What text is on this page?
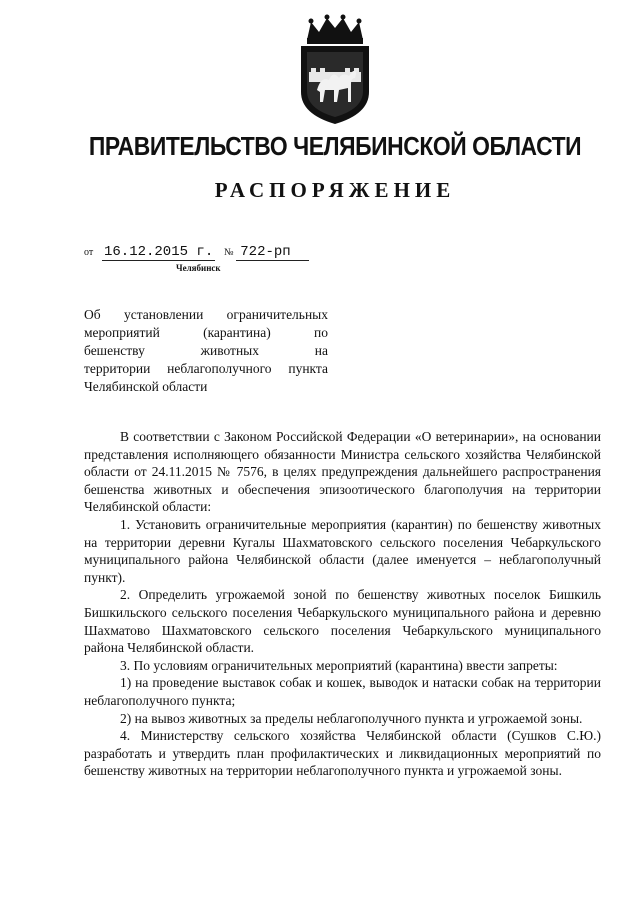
ПРАВИТЕЛЬСТВО ЧЕЛЯБИНСКОЙ ОБЛАСТИ
РАСПОРЯЖЕНИЕ
от 16.12.2015 г. № 722-рп
Челябинск
Об установлении ограничительных
мероприятий (карантина) по
бешенству животных на
территории неблагополучного пункта
Челябинской области

В соответствии с Законом Российской Федерации «О ветеринарии», на основании представления исполняющего обязанности Министра сельского хозяйства Челябинской области от 24.11.2015 № 7576, в целях предупреждения дальнейшего распространения бешенства животных и обеспечения эпизоотического благополучия на территории Челябинской области:

1. Установить ограничительные мероприятия (карантин) по бешенству животных на территории деревни Кугалы Шахматовского сельского поселения Чебаркульского муниципального района Челябинской области (далее именуется – неблагополучный пункт).

2. Определить угрожаемой зоной по бешенству животных поселок Бишкиль Бишкильского сельского поселения Чебаркульского муниципального района и деревню Шахматово Шахматовского сельского поселения Чебаркульского муниципального района Челябинской области.

3. По условиям ограничительных мероприятий (карантина) ввести запреты:

1) на проведение выставок собак и кошек, выводок и натаски собак на территории неблагополучного пункта;

2) на вывоз животных за пределы неблагополучного пункта и угрожаемой зоны.

4. Министерству сельского хозяйства Челябинской области (Сушков С.Ю.) разработать и утвердить план профилактических и ликвидационных мероприятий по бешенству животных на территории неблагополучного пункта и угрожаемой зоны.
